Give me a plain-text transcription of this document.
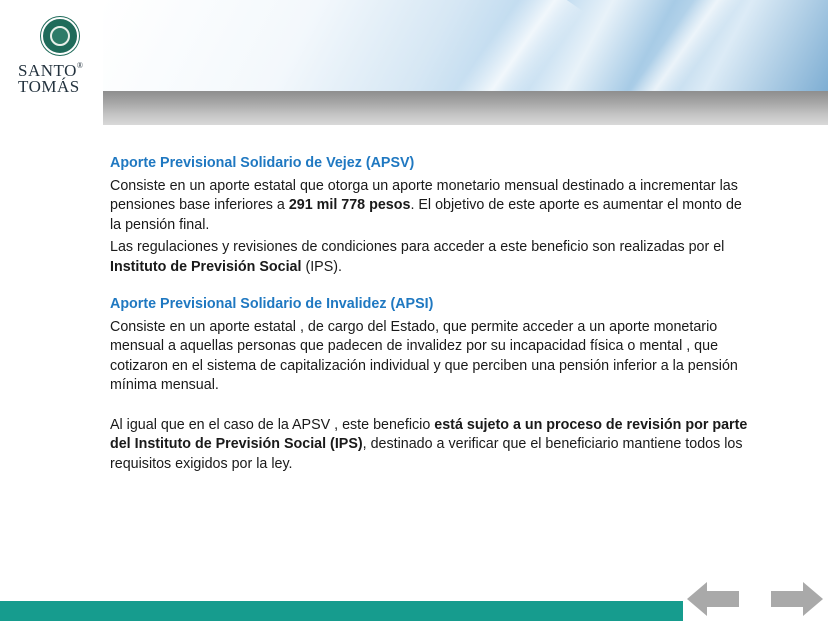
SANTO®
TOMÁS

Aporte Previsional Solidario de Vejez (APSV)

Consiste en un aporte estatal que otorga un aporte monetario mensual destinado a incrementar las pensiones base inferiores a 291 mil 778 pesos. El objetivo de este aporte es aumentar el monto de la pensión final.

Las regulaciones y revisiones de condiciones para acceder a este beneficio son realizadas por el Instituto de Previsión Social (IPS).

Aporte Previsional Solidario de Invalidez (APSI)

Consiste en un aporte estatal , de cargo del Estado, que permite acceder a un aporte monetario mensual a aquellas personas que padecen de invalidez por su incapacidad física o mental , que cotizaron en el sistema de capitalización individual y que perciben una pensión inferior a la pensión mínima mensual.

Al igual que en el caso de la APSV , este beneficio está sujeto a un proceso de revisión por parte del Instituto de Previsión Social (IPS), destinado a verificar que el beneficiario mantiene todos los requisitos exigidos por la ley.
